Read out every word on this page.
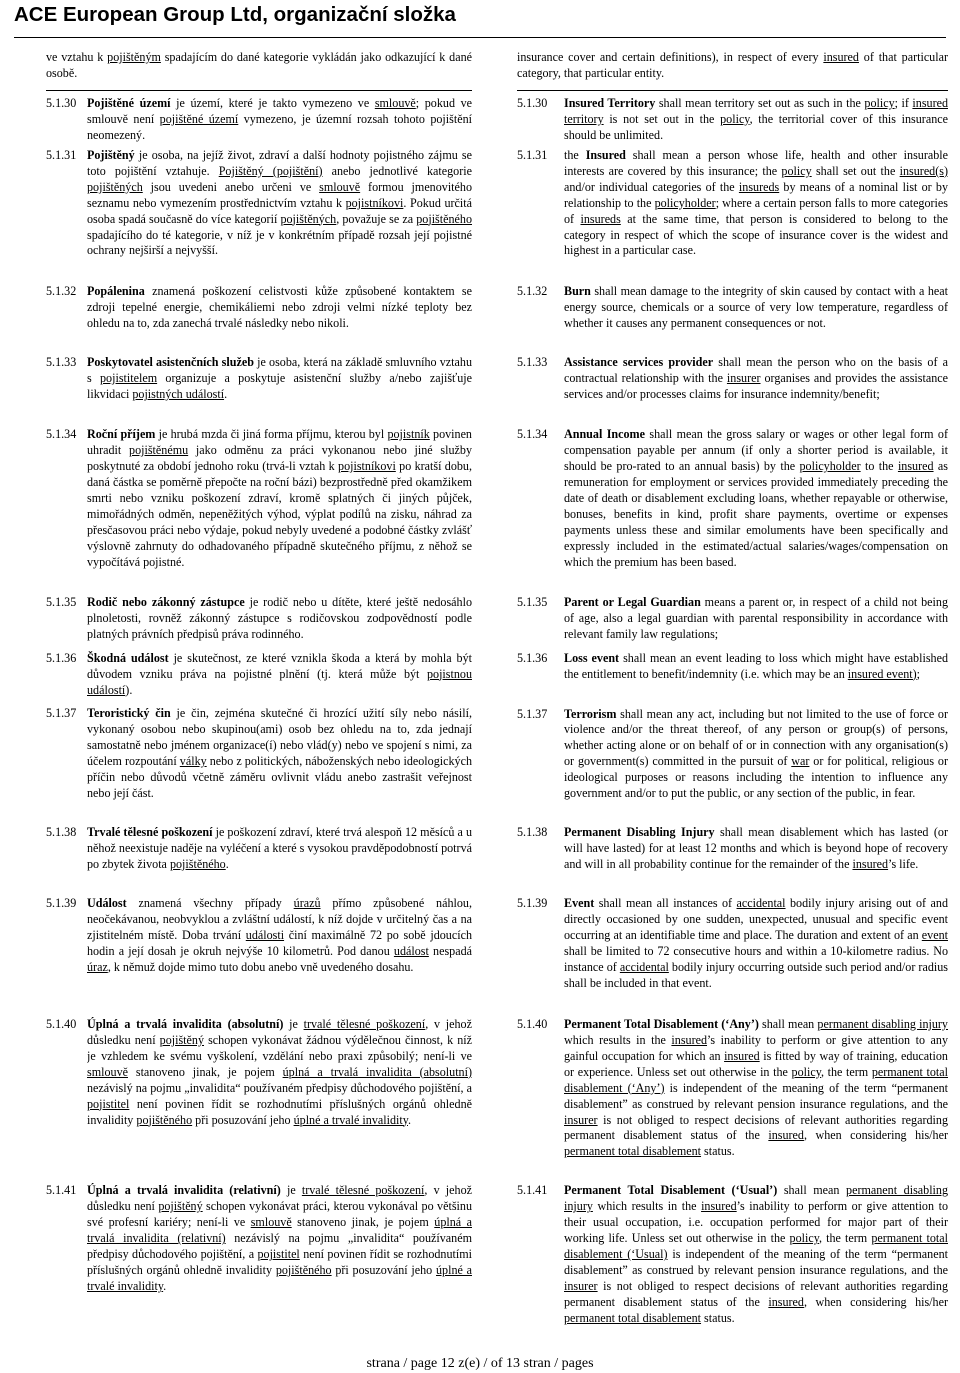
ACE European Group Ltd, organizační složka
ve vztahu k pojištěným spadajícím do dané kategorie vykládán jako odkazující k dané osobě.
5.1.30 Pojištěné území je území, které je takto vymezeno ve smlouvě; pokud ve smlouvě není pojištěné území vymezeno, je územní rozsah tohoto pojištění neomezený.
5.1.31 Pojištěný je osoba, na jejíž život, zdraví a další hodnoty pojistného zájmu se toto pojištění vztahuje. Pojištěný (pojištění) anebo jednotlivé kategorie pojištěných jsou uvedeni anebo určeni ve smlouvě formou jmenovitého seznamu nebo vymezením prostřednictvím vztahu k pojistníkovi. Pokud určitá osoba spadá současně do více kategorií pojištěných, považuje se za pojištěného spadajícího do té kategorie, v níž je v konkrétním případě rozsah její pojistné ochrany nejširší a nejvyšší.
5.1.32 Popálenina znamená poškození celistvosti kůže způsobené kontaktem se zdroji tepelné energie, chemikáliemi nebo zdroji velmi nízké teploty bez ohledu na to, zda zanechá trvalé následky nebo nikoli.
5.1.33 Poskytovatel asistenčních služeb je osoba, která na základě smluvního vztahu s pojistitelem organizuje a poskytuje asistenční služby a/nebo zajišťuje likvidaci pojistných událostí.
5.1.34 Roční příjem je hrubá mzda či jiná forma příjmu, kterou byl pojistník povinen uhradit pojištěnému jako odměnu za práci vykonanou nebo jiné služby poskytnuté za období jednoho roku (trvá-li vztah k pojistníkovi po kratší dobu, daná částka se poměrně přepočte na roční bázi) bezprostředně před okamžikem smrti nebo vzniku poškození zdraví, kromě splatných či jiných půjček, mimořádných odměn, nepeněžitých výhod, výplat podílů na zisku, náhrad za přesčasovou práci nebo výdaje, pokud nebyly uvedené a podobné částky zvlášť výslovně zahrnuty do odhadovaného případně skutečného příjmu, z něhož se vypočítává pojistné.
5.1.35 Rodič nebo zákonný zástupce je rodič nebo u dítěte, které ještě nedosáhlo plnoletosti, rovněž zákonný zástupce s rodičovskou zodpovědností podle platných právních předpisů práva rodinného.
5.1.36 Škodná událost je skutečnost, ze které vznikla škoda a která by mohla být důvodem vzniku práva na pojistné plnění (tj. která může být pojistnou událostí).
5.1.37 Teroristický čin je čin, zejména skutečné či hrozící užití síly nebo násilí, vykonaný osobou nebo skupinou(ami) osob bez ohledu na to, zda jednají samostatně nebo jménem organizace(í) nebo vlád(y) nebo ve spojení s nimi, za účelem rozpoutání války nebo z politických, náboženských nebo ideologických příčin nebo důvodů včetně záměru ovlivnit vládu anebo zastrašit veřejnost nebo její část.
5.1.38 Trvalé tělesné poškození je poškození zdraví, které trvá alespoň 12 měsíců a u něhož neexistuje naděje na vyléčení a které s vysokou pravděpodobností potrvá po zbytek života pojištěného.
5.1.39 Událost znamená všechny případy úrazů přímo způsobené náhlou, neočekávanou, neobvyklou a zvláštní událostí, k níž dojde v určitelný čas a na zjistitelném místě. Doba trvání události činí maximálně 72 po sobě jdoucích hodin a její dosah je okruh nejvýše 10 kilometrů. Pod danou událost nespadá úraz, k němuž dojde mimo tuto dobu anebo vně uvedeného dosahu.
5.1.40 Úplná a trvalá invalidita (absolutní) je trvalé tělesné poškození, v jehož důsledku není pojištěný schopen vykonávat žádnou výdělečnou činnost, k níž je vzhledem ke svému vyškolení, vzdělání nebo praxi způsobilý; není-li ve smlouvě stanoveno jinak, je pojem úplná a trvalá invalidita (absolutní) nezávislý na pojmu „invalidita“ používaném předpisy důchodového pojištění, a pojistitel není povinen řídit se rozhodnutími příslušných orgánů ohledně invalidity pojištěného při posuzování jeho úplné a trvalé invalidity.
5.1.41 Úplná a trvalá invalidita (relativní) je trvalé tělesné poškození, v jehož důsledku není pojištěný schopen vykonávat práci, kterou vykonával po většinu své profesní kariéry; není-li ve smlouvě stanoveno jinak, je pojem úplná a trvalá invalidita (relativní) nezávislý na pojmu „invalidita“ používaném předpisy důchodového pojištění, a pojistitel není povinen řídit se rozhodnutími příslušných orgánů ohledně invalidity pojištěného při posuzování jeho úplné a trvalé invalidity.
insurance cover and certain definitions), in respect of every insured of that particular category, that particular entity.
5.1.30	Insured Territory shall mean territory set out as such in the policy; if insured territory is not set out in the policy, the territorial cover of this insurance should be unlimited.
5.1.31	the Insured shall mean a person whose life, health and other insurable interests are covered by this insurance; the policy shall set out the insured(s) and/or individual categories of the insureds by means of a nominal list or by relationship to the policyholder; where a certain person falls to more categories of insureds at the same time, that person is considered to belong to the category in respect of which the scope of insurance cover is the widest and highest in a particular case.
5.1.32	Burn shall mean damage to the integrity of skin caused by contact with a heat energy source, chemicals or a source of very low temperature, regardless of whether it causes any permanent consequences or not.
5.1.33	Assistance services provider shall mean the person who on the basis of a contractual relationship with the insurer organises and provides the assistance services and/or processes claims for insurance indemnity/benefit;
5.1.34	Annual Income shall mean the gross salary or wages or other legal form of compensation payable per annum (if only a shorter period is available, it should be pro-rated to an annual basis) by the policyholder to the insured as remuneration for employment or services provided immediately preceding the date of death or disablement excluding loans, whether repayable or otherwise, bonuses, benefits in kind, profit share payments, overtime or expenses payments unless these and similar emoluments have been specifically and expressly included in the estimated/actual salaries/wages/compensation on which the premium has been based.
5.1.35	Parent or Legal Guardian means a parent or, in respect of a child not being of age, also a legal guardian with parental responsibility in accordance with relevant family law regulations;
5.1.36	Loss event shall mean an event leading to loss which might have established the entitlement to benefit/indemnity (i.e. which may be an insured event);
5.1.37	Terrorism shall mean any act, including but not limited to the use of force or violence and/or the threat thereof, of any person or group(s) of persons, whether acting alone or on behalf of or in connection with any organisation(s) or government(s) committed in the pursuit of war or for political, religious or ideological purposes or reasons including the intention to influence any government and/or to put the public, or any section of the public, in fear.
5.1.38	Permanent Disabling Injury shall mean disablement which has lasted (or will have lasted) for at least 12 months and which is beyond hope of recovery and will in all probability continue for the remainder of the insured’s life.
5.1.39	Event shall mean all instances of accidental bodily injury arising out of and directly occasioned by one sudden, unexpected, unusual and specific event occurring at an identifiable time and place. The duration and extent of an event shall be limited to 72 consecutive hours and within a 10-kilometre radius. No instance of accidental bodily injury occurring outside such period and/or radius shall be included in that event.
5.1.40	Permanent Total Disablement (‘Any’) shall mean permanent disabling injury which results in the insured’s inability to perform or give attention to any gainful occupation for which an insured is fitted by way of training, education or experience. Unless set out otherwise in the policy, the term permanent total disablement (‘Any’) is independent of the meaning of the term “permanent disablement” as construed by relevant pension insurance regulations, and the insurer is not obliged to respect decisions of relevant authorities regarding permanent disablement status of the insured, when considering his/her permanent total disablement status.
5.1.41	Permanent Total Disablement (‘Usual’) shall mean permanent disabling injury which results in the insured’s inability to perform or give attention to their usual occupation, i.e. occupation performed for major part of their working life. Unless set out otherwise in the policy, the term permanent total disablement (‘Usual) is independent of the meaning of the term “permanent disablement” as construed by relevant pension insurance regulations, and the insurer is not obliged to respect decisions of relevant authorities regarding permanent disablement status of the insured, when considering his/her permanent total disablement status.
strana / page 12 z(e) / of 13 stran / pages
